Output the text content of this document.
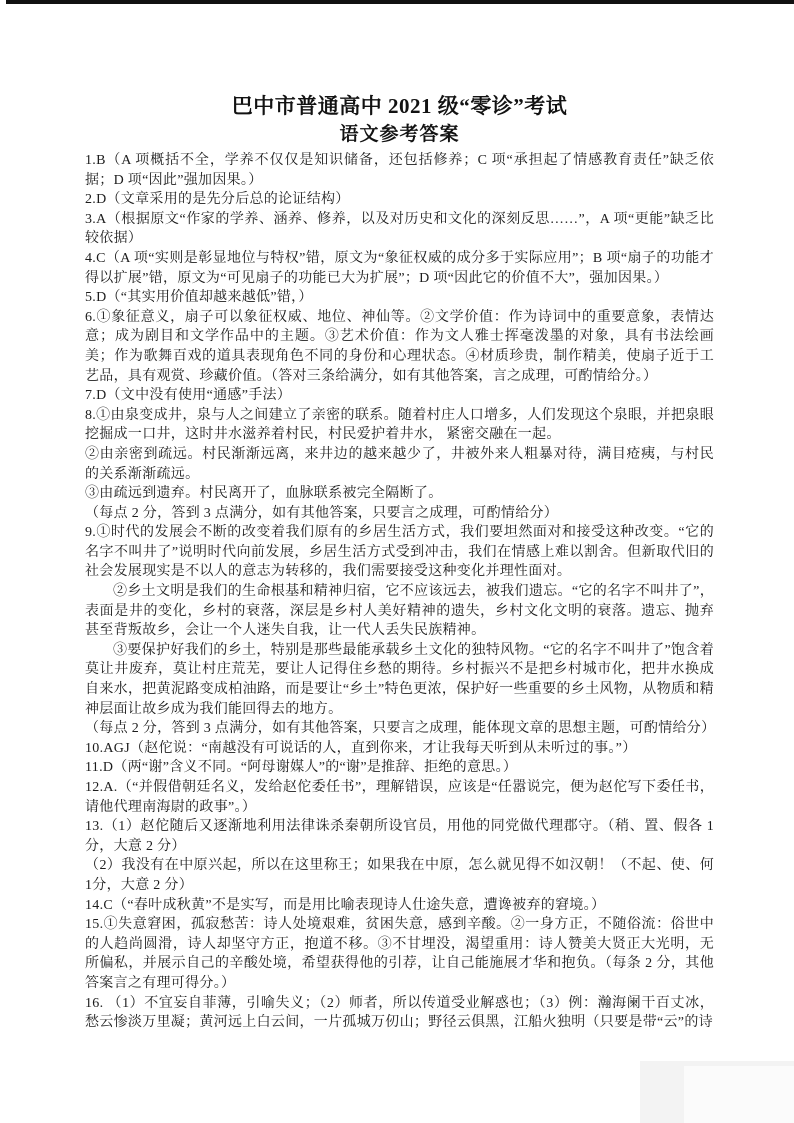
巴中市普通高中 2021 级“零诊”考试
语文参考答案

1.B（A 项概括不全，学养不仅仅是知识储备，还包括修养；C 项“承担起了情感教育责任”缺乏依据；D 项“因此”强加因果。）

2.D（文章采用的是先分后总的论证结构）

3.A（根据原文“作家的学养、涵养、修养，以及对历史和文化的深刻反思……”，A 项“更能”缺乏比较依据）

4.C（A 项“实则是彰显地位与特权”错，原文为“象征权威的成分多于实际应用”；B 项“扇子的功能才得以扩展”错，原文为“可见扇子的功能已大为扩展”；D 项“因此它的价值不大”，强加因果。）

5.D（“其实用价值却越来越低”错，）

6.①象征意义，扇子可以象征权威、地位、神仙等。②文学价值：作为诗词中的重要意象，表情达意；成为剧目和文学作品中的主题。③艺术价值：作为文人雅士挥毫泼墨的对象，具有书法绘画美；作为歌舞百戏的道具表现角色不同的身份和心理状态。④材质珍贵，制作精美，使扇子近于工艺品，具有观赏、珍藏价值。（答对三条给满分，如有其他答案，言之成理，可酌情给分。）

7.D（文中没有使用“通感”手法）

8.①由泉变成井，泉与人之间建立了亲密的联系。随着村庄人口增多，人们发现这个泉眼，并把泉眼挖掘成一口井，这时井水滋养着村民，村民爱护着井水， 紧密交融在一起。

②由亲密到疏远。村民渐渐远离，来井边的越来越少了，井被外来人粗暴对待，满目疮痍，与村民的关系渐渐疏远。

③由疏远到遗弃。村民离开了，血脉联系被完全隔断了。

（每点 2 分，答到 3 点满分，如有其他答案，只要言之成理，可酌情给分）

9.①时代的发展会不断的改变着我们原有的乡居生活方式，我们要坦然面对和接受这种改变。“它的名字不叫井了”说明时代向前发展，乡居生活方式受到冲击，我们在情感上难以割舍。但新取代旧的社会发展现实是不以人的意志为转移的，我们需要接受这种变化并理性面对。

②乡土文明是我们的生命根基和精神归宿，它不应该远去，被我们遗忘。“它的名字不叫井了”，表面是井的变化，乡村的衰落，深层是乡村人美好精神的遗失，乡村文化文明的衰落。遗忘、抛弃甚至背叛故乡，会让一个人迷失自我，让一代人丢失民族精神。

③要保护好我们的乡土，特别是那些最能承载乡土文化的独特风物。“它的名字不叫井了”饱含着莫让井废弃，莫让村庄荒芜，要让人记得住乡愁的期待。乡村振兴不是把乡村城市化，把井水换成自来水，把黄泥路变成柏油路，而是要让“乡土”特色更浓，保护好一些重要的乡土风物，从物质和精神层面让故乡成为我们能回得去的地方。

（每点 2 分，答到 3 点满分，如有其他答案，只要言之成理，能体现文章的思想主题，可酌情给分）

10.AGJ（赵佗说：“南越没有可说话的人，直到你来，才让我每天听到从未听过的事。”）

11.D（两“谢”含义不同。“阿母谢媒人”的“谢”是推辞、拒绝的意思。）

12.A.（“并假借朝廷名义，发给赵佗委任书”，理解错误，应该是“任嚣说完，便为赵佗写下委任书，请他代理南海尉的政事”。）

13.（1）赵佗随后又逐渐地利用法律诛杀秦朝所设官员，用他的同党做代理郡守。（稍、置、假各 1 分，大意 2 分）

（2）我没有在中原兴起，所以在这里称王；如果我在中原，怎么就见得不如汉朝！（不起、使、何 1分，大意 2 分）

14.C（“春叶成秋黄”不是实写，而是用比喻表现诗人仕途失意，遭谗被弃的窘境。）

15.①失意窘困，孤寂愁苦：诗人处境艰难，贫困失意，感到辛酸。②一身方正，不随俗流：俗世中的人趋尚圆滑，诗人却坚守方正，抱道不移。③不甘埋没，渴望重用：诗人赞美大贤正大光明，无所偏私，并展示自己的辛酸处境，希望获得他的引荐，让自己能施展才华和抱负。（每条 2 分，其他答案言之有理可得分。）

16. （1）不宜妄自菲薄，引喻失义；（2）师者，所以传道受业解惑也；（3）例：瀚海阑干百丈冰，愁云惨淡万里凝；黄河远上白云间，一片孤城万仞山；野径云俱黑，江船火独明（只要是带“云”的诗
